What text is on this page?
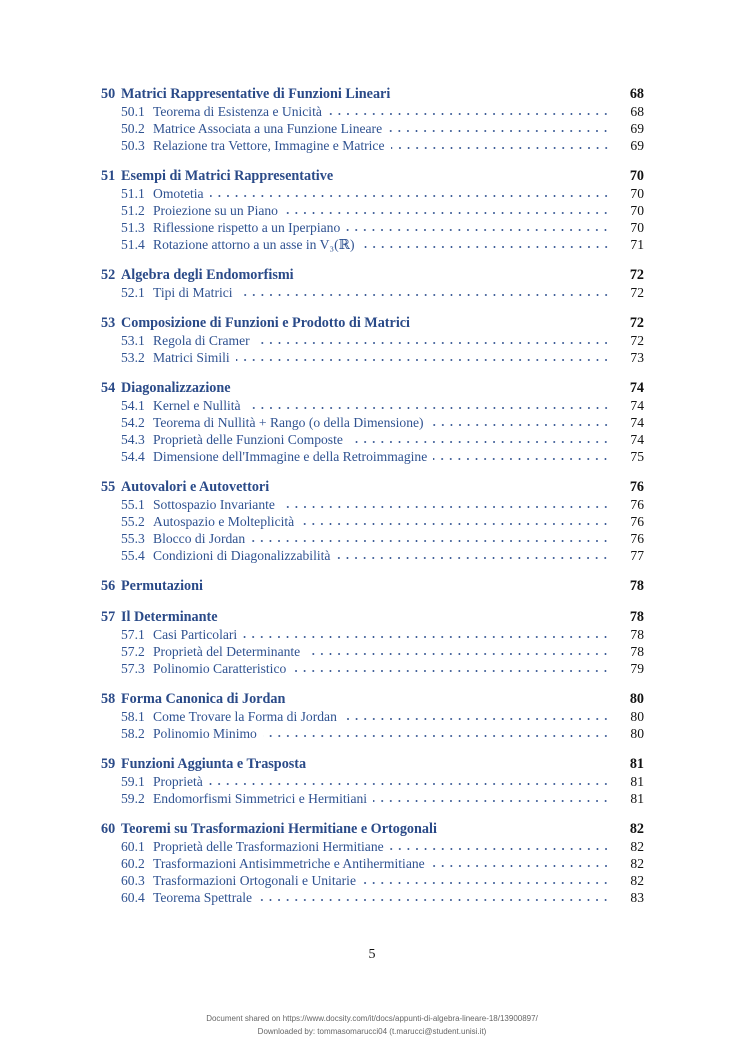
50 Matrici Rappresentative di Funzioni Lineari	68
50.1 Teorema di Esistenza e Unicità	68
50.2 Matrice Associata a una Funzione Lineare	69
50.3 Relazione tra Vettore, Immagine e Matrice	69
51 Esempi di Matrici Rappresentative	70
51.1 Omotetia	70
51.2 Proiezione su un Piano	70
51.3 Riflessione rispetto a un Iperpiano	70
51.4 Rotazione attorno a un asse in V₃(ℝ)	71
52 Algebra degli Endomorfismi	72
52.1 Tipi di Matrici	72
53 Composizione di Funzioni e Prodotto di Matrici	72
53.1 Regola di Cramer	72
53.2 Matrici Simili	73
54 Diagonalizzazione	74
54.1 Kernel e Nullità	74
54.2 Teorema di Nullità + Rango (o della Dimensione)	74
54.3 Proprietà delle Funzioni Composte	74
54.4 Dimensione dell'Immagine e della Retroimmagine	75
55 Autovalori e Autovettori	76
55.1 Sottospazio Invariante	76
55.2 Autospazio e Molteplicità	76
55.3 Blocco di Jordan	76
55.4 Condizioni di Diagonalizzabilità	77
56 Permutazioni	78
57 Il Determinante	78
57.1 Casi Particolari	78
57.2 Proprietà del Determinante	78
57.3 Polinomio Caratteristico	79
58 Forma Canonica di Jordan	80
58.1 Come Trovare la Forma di Jordan	80
58.2 Polinomio Minimo	80
59 Funzioni Aggiunta e Trasposta	81
59.1 Proprietà	81
59.2 Endomorfismi Simmetrici e Hermitiani	81
60 Teoremi su Trasformazioni Hermitiane e Ortogonali	82
60.1 Proprietà delle Trasformazioni Hermitiane	82
60.2 Trasformazioni Antisimmetriche e Antihermitiane	82
60.3 Trasformazioni Ortogonali e Unitarie	82
60.4 Teorema Spettrale	83
5
Document shared on https://www.docsity.com/it/docs/appunti-di-algebra-lineare-18/13900897/
Downloaded by: tommasomarucci04 (t.marucci@student.unisi.it)
